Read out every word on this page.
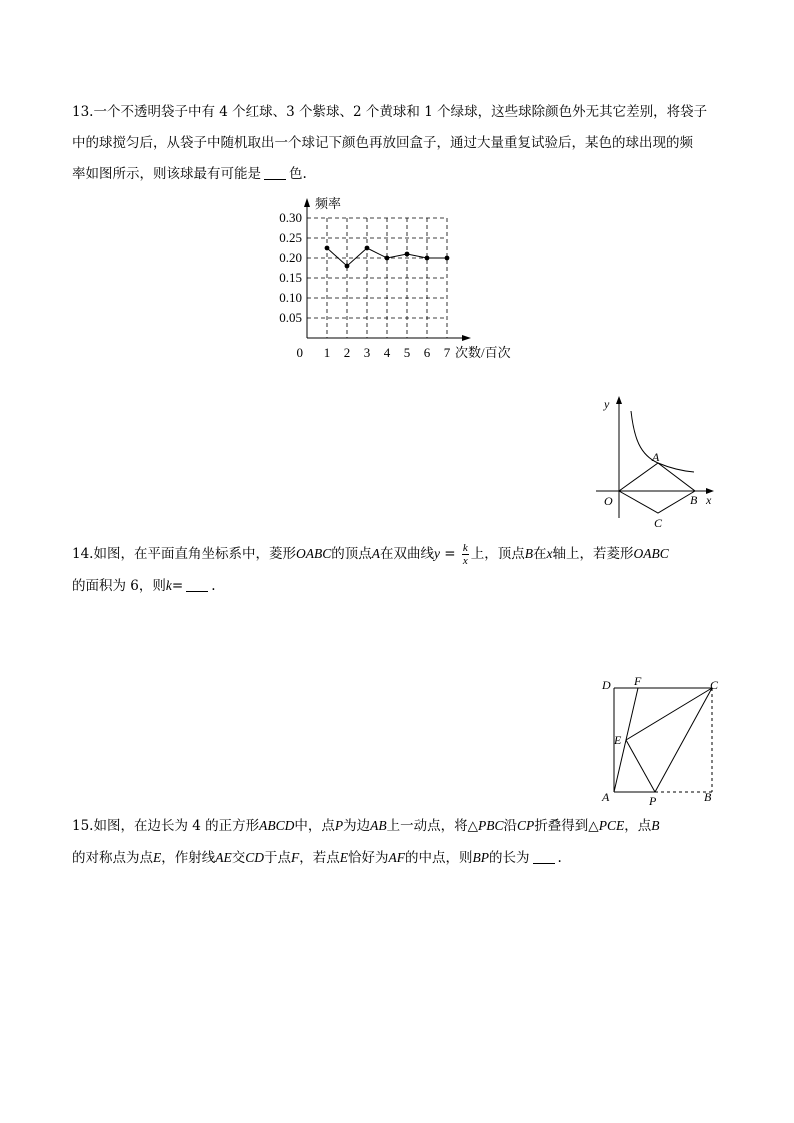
13.一个不透明袋子中有 4 个红球、3 个紫球、2 个黄球和 1 个绿球，这些球除颜色外无其它差别，将袋子
中的球搅匀后，从袋子中随机取出一个球记下颜色再放回盒子，通过大量重复试验后，某色的球出现的频
率如图所示，则该球最有可能是 色.
0.30
0.25
0.20
0.15
0.10
0.05
1 2 3 4 5 6 7
0
频率
次数/百次
y
O
A
B x
C
14.如图，在平面直角坐标系中，菱形OABC的顶点A在双曲线$y = \frac{k}{x}$ 上，顶点B在x轴上，若菱形OABC
的面积为 6，则k= .
D F	C
E
A	P	B
15.如图，在边长为 4 的正方形ABCD中，点P为边AB上一动点，将△PBC沿CP折叠得到△PCE，点B
的对称点为点E，作射线AE交CD于点F，若点E恰好为AF的中点，则BP的长为 .
